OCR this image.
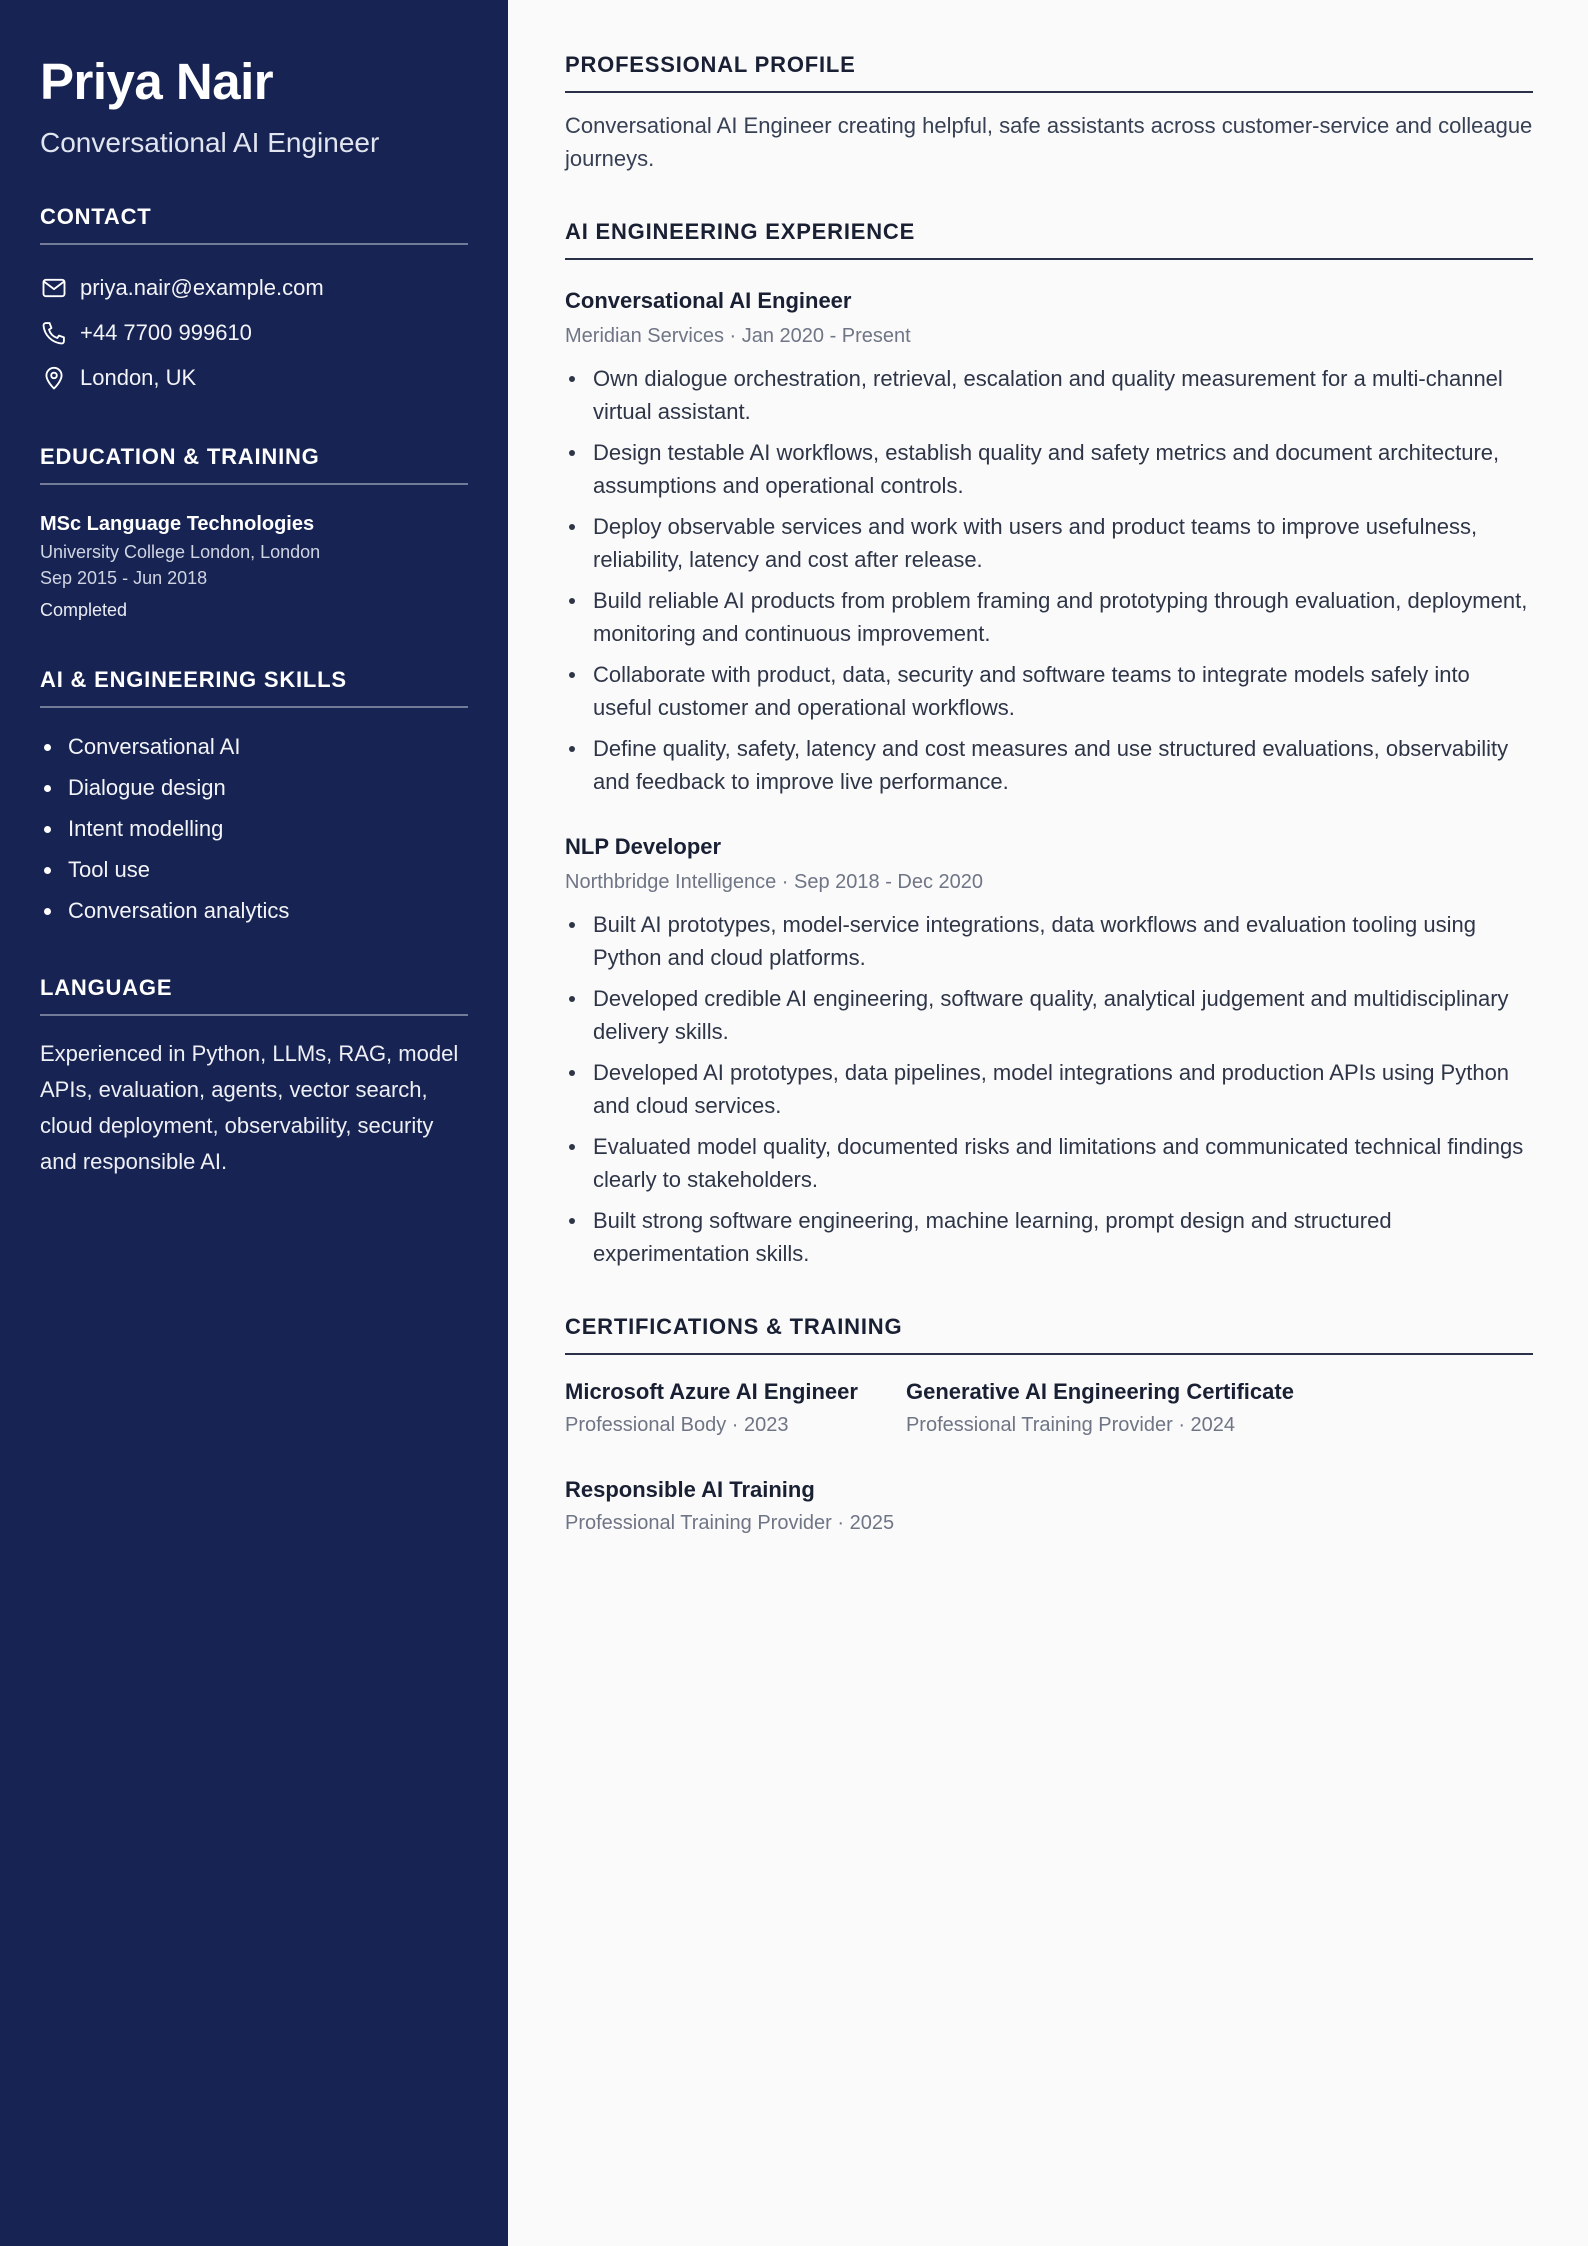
Priya Nair
Conversational AI Engineer
CONTACT
priya.nair@example.com
+44 7700 999610
London, UK
EDUCATION & TRAINING
MSc Language Technologies
University College London, London
Sep 2015 - Jun 2018
Completed
AI & ENGINEERING SKILLS
Conversational AI
Dialogue design
Intent modelling
Tool use
Conversation analytics
LANGUAGE

Experienced in Python, LLMs, RAG, model APIs, evaluation, agents, vector search, cloud deployment, observability, security and responsible AI.

PROFESSIONAL PROFILE

Conversational AI Engineer creating helpful, safe assistants across customer-service and colleague journeys.

AI ENGINEERING EXPERIENCE
Conversational AI Engineer
Meridian Services · Jan 2020 - Present
Own dialogue orchestration, retrieval, escalation and quality measurement for a multi-channel virtual assistant.
Design testable AI workflows, establish quality and safety metrics and document architecture, assumptions and operational controls.
Deploy observable services and work with users and product teams to improve usefulness, reliability, latency and cost after release.
Build reliable AI products from problem framing and prototyping through evaluation, deployment, monitoring and continuous improvement.
Collaborate with product, data, security and software teams to integrate models safely into useful customer and operational workflows.
Define quality, safety, latency and cost measures and use structured evaluations, observability and feedback to improve live performance.
NLP Developer
Northbridge Intelligence · Sep 2018 - Dec 2020
Built AI prototypes, model-service integrations, data workflows and evaluation tooling using Python and cloud platforms.
Developed credible AI engineering, software quality, analytical judgement and multidisciplinary delivery skills.
Developed AI prototypes, data pipelines, model integrations and production APIs using Python and cloud services.
Evaluated model quality, documented risks and limitations and communicated technical findings clearly to stakeholders.
Built strong software engineering, machine learning, prompt design and structured experimentation skills.
CERTIFICATIONS & TRAINING
Microsoft Azure AI Engineer
Professional Body · 2023
Generative AI Engineering Certificate
Professional Training Provider · 2024
Responsible AI Training
Professional Training Provider · 2025
